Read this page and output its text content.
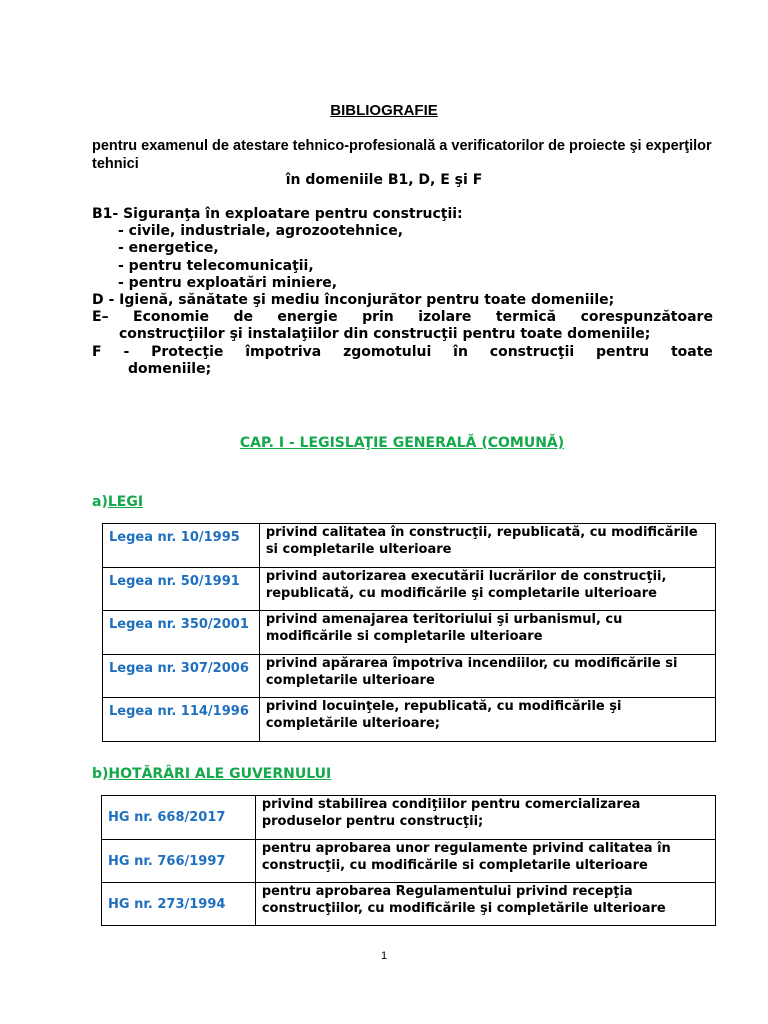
BIBLIOGRAFIE

pentru examenul de atestare tehnico-profesională a verificatorilor de proiecte şi experţilor tehnici

în domeniile B1, D, E şi F
B1- Siguranţa în exploatare pentru construcţii:
- civile, industriale, agrozootehnice,
- energetice,
- pentru telecomunicaţii,
- pentru exploatări miniere,
D - Igienă, sănătate şi mediu înconjurător pentru toate domeniile;
E– Economie de energie prin izolare termică corespunzătoare
construcţiilor şi instalaţiilor din construcţii pentru toate domeniile;
F - Protecţie împotriva zgomotului în construcţii pentru toate
domeniile;
CAP. I - LEGISLAŢIE GENERALĂ (COMUNĂ)
a)LEGI
Legea nr. 10/1995	privind calitatea în construcţii, republicată, cu modificările si completarile ulterioare

Legea nr. 50/1991	privind autorizarea executării lucrărilor de construcţii, republicată, cu modificările şi completarile ulterioare

Legea nr. 350/2001	privind amenajarea teritoriului şi urbanismul, cu modificările si completarile ulterioare

Legea nr. 307/2006	privind apărarea împotriva incendiilor, cu modificările si completarile ulterioare

Legea nr. 114/1996	privind locuinţele, republicată, cu modificările şi completările ulterioare;
b)HOTĂRÂRI ALE GUVERNULUI
HG nr. 668/2017	privind stabilirea condiţiilor pentru comercializarea produselor pentru construcţii;

HG nr. 766/1997	pentru aprobarea unor regulamente privind calitatea în construcţii, cu modificările si completarile ulterioare

HG nr. 273/1994	pentru aprobarea Regulamentului privind recepţia construcţiilor, cu modificările şi completările ulterioare
1
